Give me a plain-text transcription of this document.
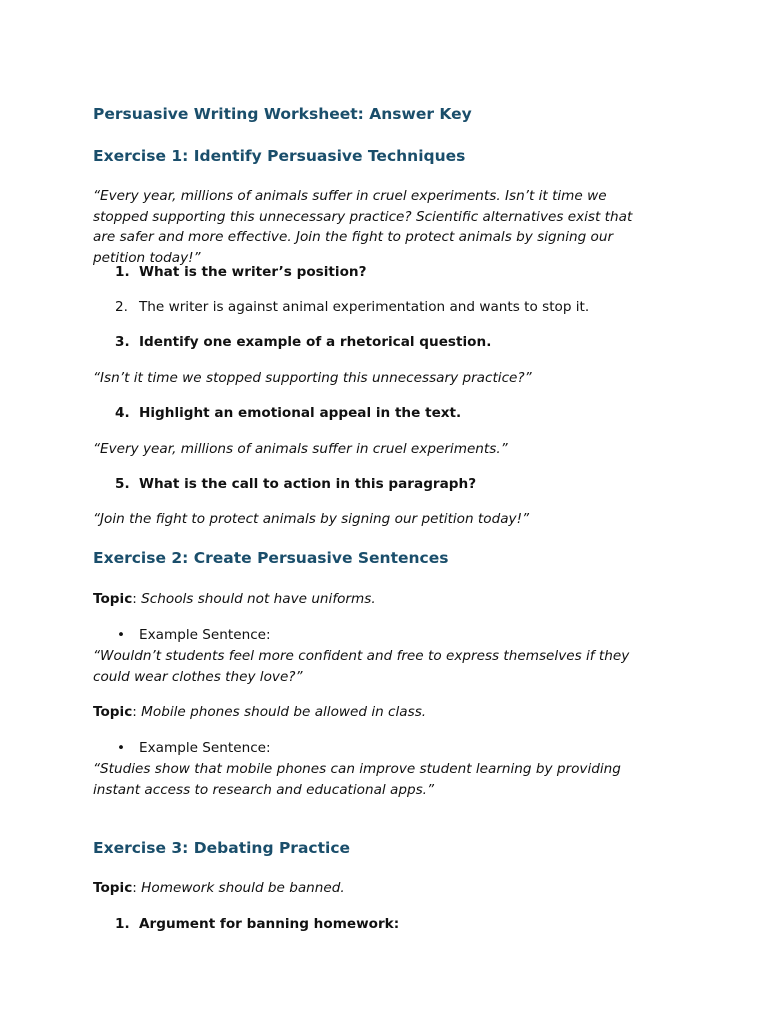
Persuasive Writing Worksheet: Answer Key
Exercise 1: Identify Persuasive Techniques

“Every year, millions of animals suffer in cruel experiments. Isn’t it time we stopped supporting this unnecessary practice? Scientific alternatives exist that are safer and more effective. Join the fight to protect animals by signing our petition today!”

1. What is the writer’s position?
2. The writer is against animal experimentation and wants to stop it.
3. Identify one example of a rhetorical question.
“Isn’t it time we stopped supporting this unnecessary practice?”
4. Highlight an emotional appeal in the text.
“Every year, millions of animals suffer in cruel experiments.”
5. What is the call to action in this paragraph?
“Join the fight to protect animals by signing our petition today!”
Exercise 2: Create Persuasive Sentences
Topic: Schools should not have uniforms.
• Example Sentence:

“Wouldn’t students feel more confident and free to express themselves if they could wear clothes they love?”

Topic: Mobile phones should be allowed in class.
• Example Sentence:

“Studies show that mobile phones can improve student learning by providing instant access to research and educational apps.”

Exercise 3: Debating Practice
Topic: Homework should be banned.
1. Argument for banning homework:
